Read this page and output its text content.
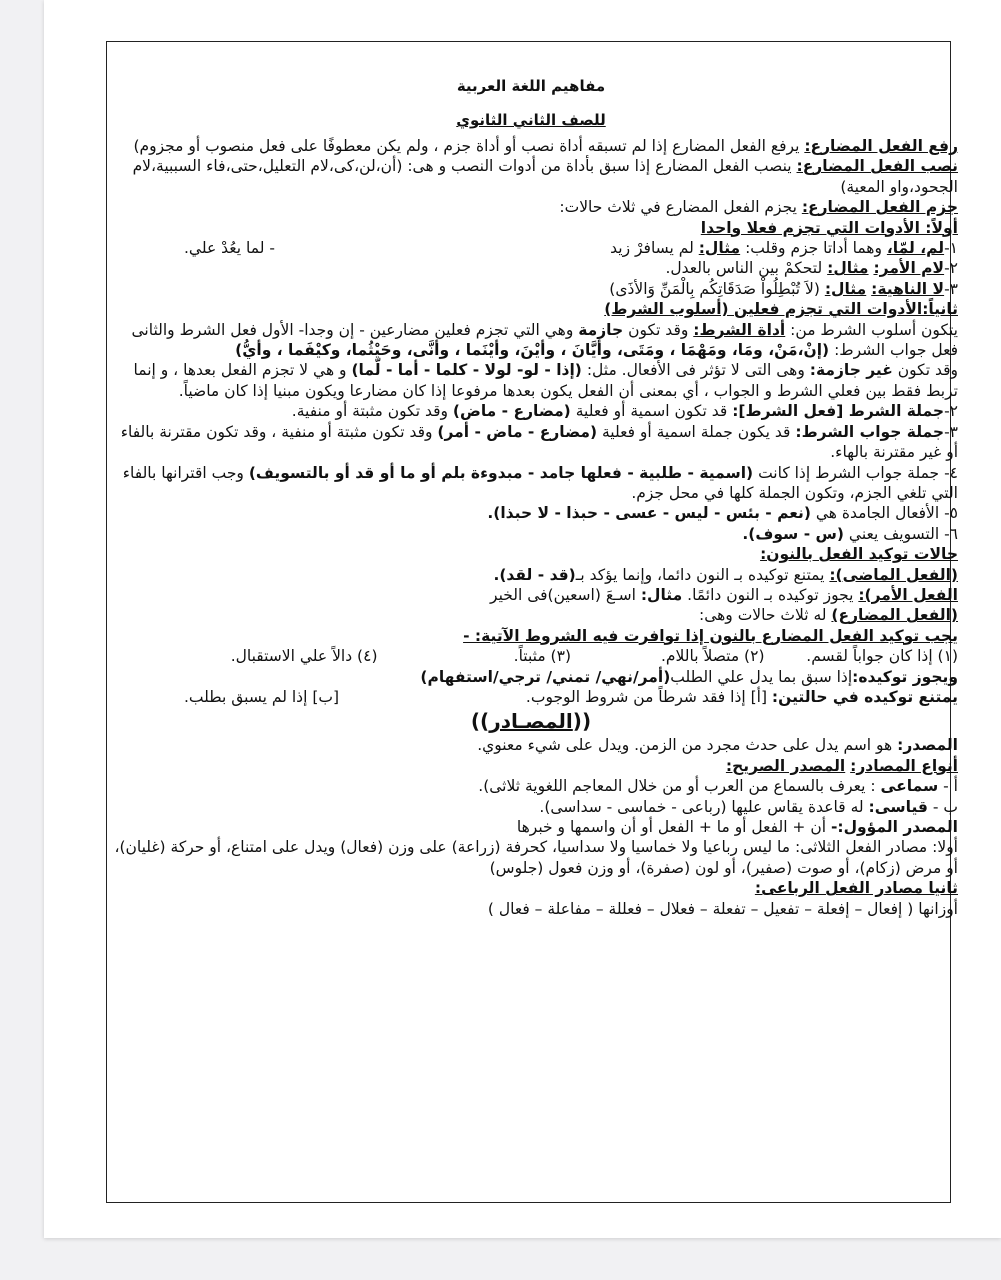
مفاهيم اللغة العربية

للصف الثاني الثانوي

رفع الفعل المضارع: يرفع الفعل المضارع إذا لم تسبقه أداة نصب أو أداة جزم ، ولم يكن معطوفًا على فعل منصوب أو مجزوم)

نصب الفعل المضارع: ينصب الفعل المضارع إذا سبق بأداة من أدوات النصب و هى: (أن،لن،كى،لام التعليل،حتى،فاء السببية،لام الجحود،واو المعية)

جزم الفعل المضارع: يجزم الفعل المضارع في ثلاث حالات:

أولاً: الأدوات التي تجزم فعلا واحدا

١-لم، لمّا، وهما أداتا جزم وقلب: مثال: لم يسافرْ زيد
- لما يعُدْ علي.

٢-لام الأمر: مثال: لتحكمْ بين الناس بالعدل.

٣-لا الناهية: مثال: (لاَ تُبْطِلُواْ صَدَقَاتِكُم بِالْمَنِّ وَالأذَى)

ثانياً:الأدوات التي تجزم فعلين (أسلوب الشرط)

يتكون أسلوب الشرط من: أداة الشرط: وقد تكون جازمة وهي التي تجزم فعلين مضارعين - إن وجدا- الأول فعل الشرط والثانى فعل جواب الشرط: (إنْ،مَنْ، ومَا، ومَهْمَا ، ومَتَى، وأيَّانَ ، وأيْنَ، وأيْنَما ، وأنَّى، وحَيْثُما، وكيْفَما ، وأيُّ)

وقد تكون غير جازمة: وهى التى لا تؤثر فى الأفعال. مثل: (إذا - لو- لولا - كلما - أما - لّما) و هي لا تجزم الفعل بعدها ، و إنما تربط فقط بين فعلي الشرط و الجواب ، أي بمعنى أن الفعل يكون بعدها مرفوعا إذا كان مضارعا ويكون مبنيا إذا كان ماضياً.

٢-جملة الشرط [فعل الشرط]: قد تكون اسمية أو فعلية (مضارع - ماض) وقد تكون مثبتة أو منفية.

٣-جملة جواب الشرط: قد يكون جملة اسمية أو فعلية (مضارع - ماض - أمر) وقد تكون مثبتة أو منفية ، وقد تكون مقترنة بالفاء أو غير مقترنة بالهاء.

٤- جملة جواب الشرط إذا كانت (اسمية - طلبية - فعلها جامد - مبدوءة بلم أو ما أو قد أو بالتسويف) وجب اقترانها بالفاء التي تلغي الجزم، وتكون الجملة كلها في محل جزم.

٥- الأفعال الجامدة هي (نعم - بئس - ليس - عسى - حبذا - لا حبذا).

٦- التسويف يعني (س - سوف).

حالات توكيد الفعل بالنون:

(الفعل الماضى): يمتنع توكيده بـ النون دائما، وإنما يؤكد بـ(قد - لقد).

الفعل الأمر): يجوز توكيده بـ النون دائمًا. مثال: اسـعَ (اسعين)فى الخير

(الفعل المضارع) له ثلاث حالات وهى:

يجب توكيد الفعل المضارع بالنون إذا توافرت فيه الشروط الآتية: -

(١) إذا كان جواباً لقسم.
(٢) متصلاً باللام.
(٣) مثبتاً.
(٤) دالاً علي الاستقبال.

ويجوز توكيده:إذا سبق بما يدل علي الطلب(أمر/نهي/ تمني/ ترجي/استفهام)

يمتنع توكيده في حالتين: [أ] إذا فقد شرطاً من شروط الوجوب.
[ب] إذا لم يسبق بطلب.

((المصـادر))

المصدر: هو اسم يدل على حدث مجرد من الزمن. ويدل على شيء معنوي.

أنواع المصادر: المصدر الصريح:

أ - سماعى : يعرف بالسماع من العرب أو من خلال المعاجم اللغوية ثلاثى).

ب - قياسى: له قاعدة يقاس عليها (رباعى - خماسى - سداسى).

المصدر المؤول:- أن + الفعل أو ما + الفعل أو أن واسمها و خبرها

أولا: مصادر الفعل الثلاثى: ما ليس رباعيا ولا خماسيا ولا سداسيا، كحرفة (زراعة) على وزن (فعال) ويدل على امتناع، أو حركة (غليان)، أو مرض (زكام)، أو صوت (صفير)، أو لون (صفرة)، أو وزن فعول (جلوس)

ثانيا مصادر الفعل الرباعى:

أوزانها ( إفعال – إفعلة – تفعيل – تفعلة – فعلال – فعللة – مفاعلة – فعال )
